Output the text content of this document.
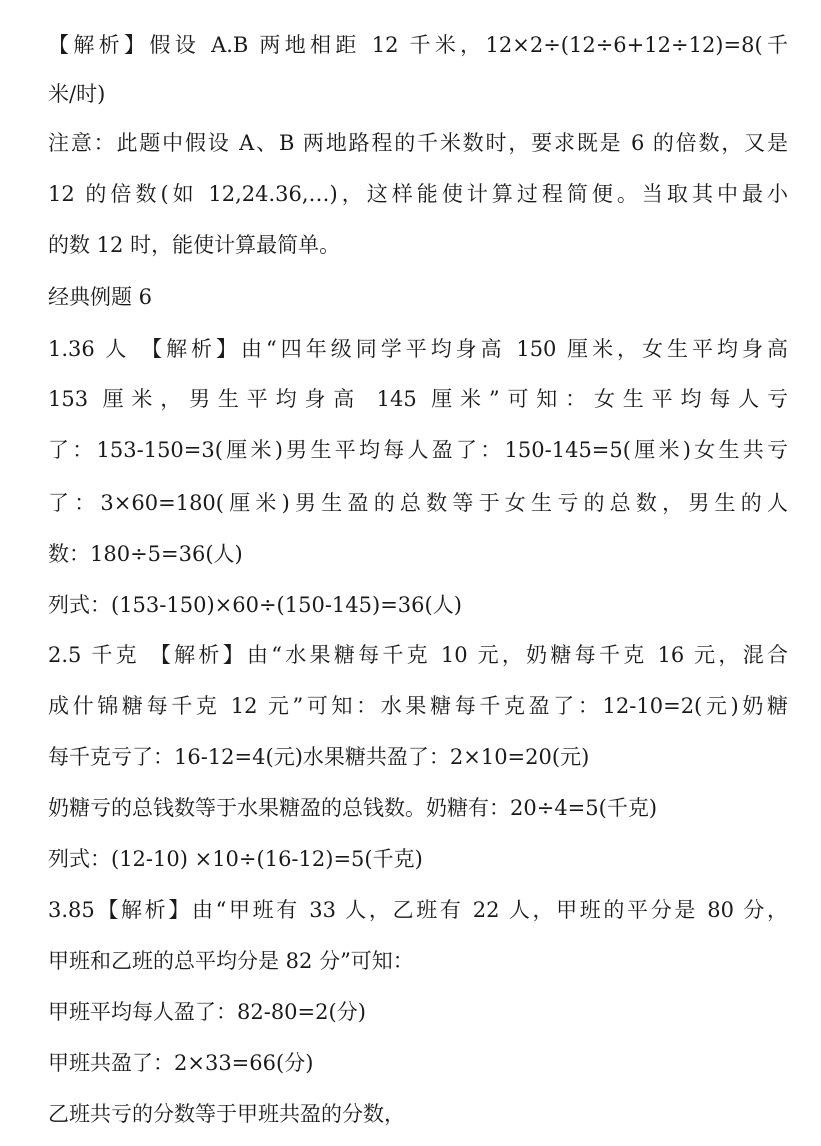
【解析】假设 A.B 两地相距 12 千米，12×2÷(12÷6+12÷12)=8(千
米/时)
注意：此题中假设 A、B 两地路程的千米数时，要求既是 6 的倍数，又是
12 的倍数(如 12,24.36,…)，这样能使计算过程简便。当取其中最小
的数 12 时，能使计算最简单。
经典例题 6
1.36 人 【解析】由“四年级同学平均身高 150 厘米，女生平均身高
153 厘米，男生平均身高 145 厘米”可知：女生平均每人亏
了：153-150=3(厘米)男生平均每人盈了：150-145=5(厘米)女生共亏
了：3×60=180(厘米)男生盈的总数等于女生亏的总数，男生的人
数：180÷5=36(人)
列式：(153-150)×60÷(150-145)=36(人)
2.5 千克 【解析】由“水果糖每千克 10 元，奶糖每千克 16 元，混合
成什锦糖每千克 12 元”可知：水果糖每千克盈了：12-10=2(元)奶糖
每千克亏了：16-12=4(元)水果糖共盈了：2×10=20(元)
奶糖亏的总钱数等于水果糖盈的总钱数。奶糖有：20÷4=5(千克)
列式：(12-10) ×10÷(16-12)=5(千克)
3.85【解析】由“甲班有 33 人，乙班有 22 人，甲班的平分是 80 分，
甲班和乙班的总平均分是 82 分”可知：
甲班平均每人盈了：82-80=2(分)
甲班共盈了：2×33=66(分)
乙班共亏的分数等于甲班共盈的分数，
